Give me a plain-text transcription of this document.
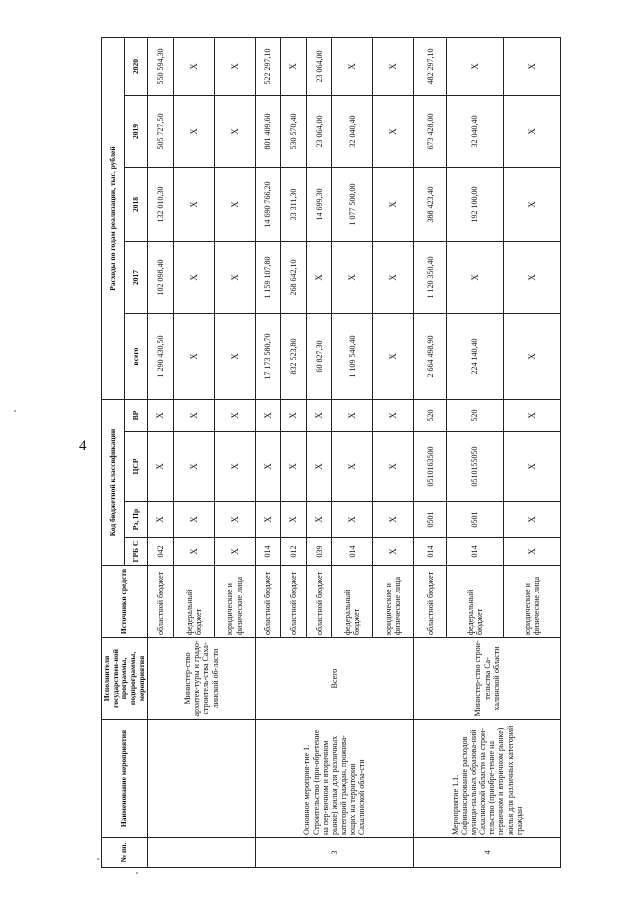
4
№ пп.	Наименование мероприятия	Исполнители государствен-ной программы, подпрограммы, мероприятия	Источники средств	Код бюджетной классификации				Расходы по годам реализации, тыс. рублей				
				ГРБ С	Рз, Пр	ЦСР	ВР	всего	2017	2018	2019	2020
		Министер-ство архитек-туры и градо-строитель-ства Саха-линской об-ласти	областной бюджет	042	X	X	X	1 290 430,50	102 098,40	132 010,30	505 727,50	550 594,30
			федеральный бюджет	X	X	X	X	X	X	X	X	X
			юридические и физические лица	X	X	X	X	X	X	X	X	X
3	Основное мероприя-тие 1. Строительство (при-обретение на пер-вичном и вторичном рынке) жилья для различных категорий граждан, прожива-ющих на территории Сахалинской обла-сти	Всего	областной бюджет	014	X	X	X	17 173 580,70	1 159 107,80	14 690 766,20	801 409,60	522 297,10
			областной бюджет	012	X	X	X	832 523,80	268 642,10	33 311,30	530 570,40	X
			областной бюджет	039	X	X	X	60 827,30	X	14 699,30	23 064,00	23 064,00
			федеральный бюджет	014	X	X	X	1 109 540,40	X	1 077 500,00	32 040,40	X
			юридические и физические лица	X	X	X	X	X	X	X	X	X
4	Мероприятие 1.1. Софинансирование расходов муници-пальных образова-ний Сахалинской области на строи-тельство (приобре-тение на первичном и вторичном рынке) жилья для различных категорий граждан	Министер-ство строи-тельства Са-халинской области	областной бюджет	014	0501	0510163500	520	2 664 498,90	1 120 350,40	388 423,40	673 428,00	482 297,10
			федеральный бюджет	014	0501	0510155050	520	224 140,40	X	192 100,00	32 040,40	X
			юридические и физические лица	X	X	X	X	X	X	X	X	X
